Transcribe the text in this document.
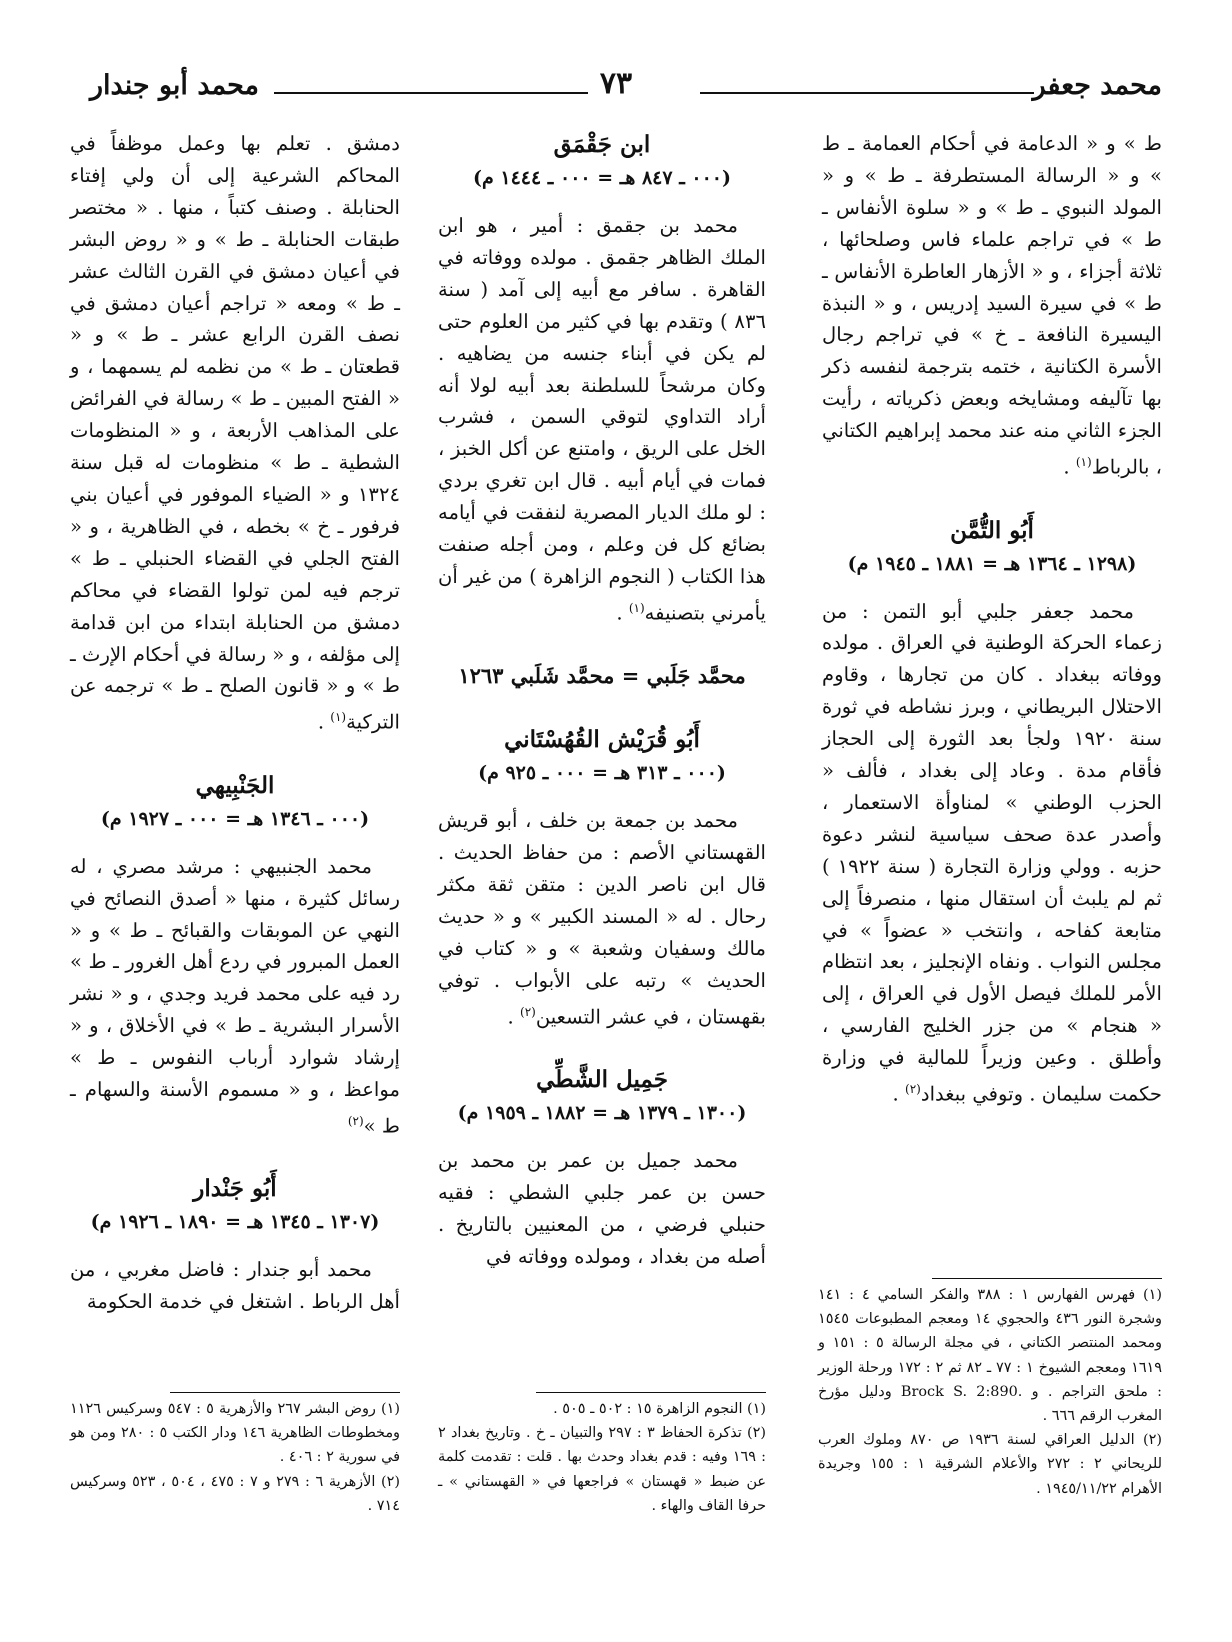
محمد جعفر
٧٣
محمد أبو جندار

ط » و « الدعامة في أحكام العمامة ـ ط » و « الرسالة المستطرفة ـ ط » و « المولد النبوي ـ ط » و « سلوة الأنفاس ـ ط » في تراجم علماء فاس وصلحائها ، ثلاثة أجزاء ، و « الأزهار العاطرة الأنفاس ـ ط » في سيرة السيد إدريس ، و « النبذة اليسيرة النافعة ـ خ » في تراجم رجال الأسرة الكتانية ، ختمه بترجمة لنفسه ذكر بها تآليفه ومشايخه وبعض ذكرياته ، رأيت الجزء الثاني منه عند محمد إبراهيم الكتاني ، بالرباط$^{(١)}$ .

أَبُو التُّمَّن

(١٢٩٨ ـ ١٣٦٤ هـ = ١٨٨١ ـ ١٩٤٥ م)

محمد جعفر جلبي أبو التمن : من زعماء الحركة الوطنية في العراق . مولده ووفاته ببغداد . كان من تجارها ، وقاوم الاحتلال البريطاني ، وبرز نشاطه في ثورة سنة ١٩٢٠ ولجأ بعد الثورة إلى الحجاز فأقام مدة . وعاد إلى بغداد ، فألف « الحزب الوطني » لمناوأة الاستعمار ، وأصدر عدة صحف سياسية لنشر دعوة حزبه . وولي وزارة التجارة ( سنة ١٩٢٢ ) ثم لم يلبث أن استقال منها ، منصرفاً إلى متابعة كفاحه ، وانتخب « عضواً » في مجلس النواب . ونفاه الإنجليز ، بعد انتظام الأمر للملك فيصل الأول في العراق ، إلى « هنجام » من جزر الخليج الفارسي ، وأطلق . وعين وزيراً للمالية في وزارة حكمت سليمان . وتوفي ببغداد$^{(٢)}$ .

(١) فهرس الفهارس ١ : ٣٨٨ والفكر السامي ٤ : ١٤١ وشجرة النور ٤٣٦ والحجوي ١٤ ومعجم المطبوعات ١٥٤٥ ومحمد المنتصر الكتاني ، في مجلة الرسالة ٥ : ١٥١ و ١٦١٩ ومعجم الشيوخ ١ : ٧٧ ـ ٨٢ ثم ٢ : ١٧٢ ورحلة الوزير : ملحق التراجم . و .Brock S. 2:890 ودليل مؤرخ المغرب الرقم ٦٦٦ .

(٢) الدليل العراقي لسنة ١٩٣٦ ص ٨٧٠ وملوك العرب للريحاني ٢ : ٢٧٢ والأعلام الشرقية ١ : ١٥٥ وجريدة الأهرام ١٩٤٥/١١/٢٢ .

ابن جَقْمَق

(٠٠٠ ـ ٨٤٧ هـ = ٠٠٠ ـ ١٤٤٤ م)

محمد بن جقمق : أمير ، هو ابن الملك الظاهر جقمق . مولده ووفاته في القاهرة . سافر مع أبيه إلى آمد ( سنة ٨٣٦ ) وتقدم بها في كثير من العلوم حتى لم يكن في أبناء جنسه من يضاهيه . وكان مرشحاً للسلطنة بعد أبيه لولا أنه أراد التداوي لتوقي السمن ، فشرب الخل على الريق ، وامتنع عن أكل الخبز ، فمات في أيام أبيه . قال ابن تغري بردي : لو ملك الديار المصرية لنفقت في أيامه بضائع كل فن وعلم ، ومن أجله صنفت هذا الكتاب ( النجوم الزاهرة ) من غير أن يأمرني بتصنيفه$^{(١)}$ .

محمَّد جَلَبي = محمَّد شَلَبي ١٢٦٣

أَبُو قُرَيْش القُهُسْتَاني

(٠٠٠ ـ ٣١٣ هـ = ٠٠٠ ـ ٩٢٥ م)

محمد بن جمعة بن خلف ، أبو قريش القهستاني الأصم : من حفاظ الحديث . قال ابن ناصر الدين : متقن ثقة مكثر رحال . له « المسند الكبير » و « حديث مالك وسفيان وشعبة » و « كتاب في الحديث » رتبه على الأبواب . توفي بقهستان ، في عشر التسعين$^{(٢)}$ .

جَمِيل الشَّطِّي

(١٣٠٠ ـ ١٣٧٩ هـ = ١٨٨٢ ـ ١٩٥٩ م)

محمد جميل بن عمر بن محمد بن حسن بن عمر جلبي الشطي : فقيه حنبلي فرضي ، من المعنيين بالتاريخ . أصله من بغداد ، ومولده ووفاته في

(١) النجوم الزاهرة ١٥ : ٥٠٢ ـ ٥٠٥ .

(٢) تذكرة الحفاظ ٣ : ٢٩٧ والتبيان ـ خ . وتاريخ بغداد ٢ : ١٦٩ وفيه : قدم بغداد وحدث بها . قلت : تقدمت كلمة عن ضبط « قهستان » فراجعها في « القهستاني » ـ حرفا القاف والهاء .

دمشق . تعلم بها وعمل موظفاً في المحاكم الشرعية إلى أن ولي إفتاء الحنابلة . وصنف كتباً ، منها . « مختصر طبقات الحنابلة ـ ط » و « روض البشر في أعيان دمشق في القرن الثالث عشر ـ ط » ومعه « تراجم أعيان دمشق في نصف القرن الرابع عشر ـ ط » و « قطعتان ـ ط » من نظمه لم يسمهما ، و « الفتح المبين ـ ط » رسالة في الفرائض على المذاهب الأربعة ، و « المنظومات الشطية ـ ط » منظومات له قبل سنة ١٣٢٤ و « الضياء الموفور في أعيان بني فرفور ـ خ » بخطه ، في الظاهرية ، و « الفتح الجلي في القضاء الحنبلي ـ ط » ترجم فيه لمن تولوا القضاء في محاكم دمشق من الحنابلة ابتداء من ابن قدامة إلى مؤلفه ، و « رسالة في أحكام الإرث ـ ط » و « قانون الصلح ـ ط » ترجمه عن التركية$^{(١)}$ .

الجَنْبِيهي

(٠٠٠ ـ ١٣٤٦ هـ = ٠٠٠ ـ ١٩٢٧ م)

محمد الجنبيهي : مرشد مصري ، له رسائل كثيرة ، منها « أصدق النصائح في النهي عن الموبقات والقبائح ـ ط » و « العمل المبرور في ردع أهل الغرور ـ ط » رد فيه على محمد فريد وجدي ، و « نشر الأسرار البشرية ـ ط » في الأخلاق ، و « إرشاد شوارد أرباب النفوس ـ ط » مواعظ ، و « مسموم الأسنة والسهام ـ ط »$^{(٢)}$

أَبُو جَنْدار

(١٣٠٧ ـ ١٣٤٥ هـ = ١٨٩٠ ـ ١٩٢٦ م)

محمد أبو جندار : فاضل مغربي ، من أهل الرباط . اشتغل في خدمة الحكومة

(١) روض البشر ٢٦٧ والأزهرية ٥ : ٥٤٧ وسركيس ١١٢٦ ومخطوطات الظاهرية ١٤٦ ودار الكتب ٥ : ٢٨٠ ومن هو في سورية ٢ : ٤٠٦ .

(٢) الأزهرية ٦ : ٢٧٩ و ٧ : ٤٧٥ ، ٥٠٤ ، ٥٢٣ وسركيس ٧١٤ .
